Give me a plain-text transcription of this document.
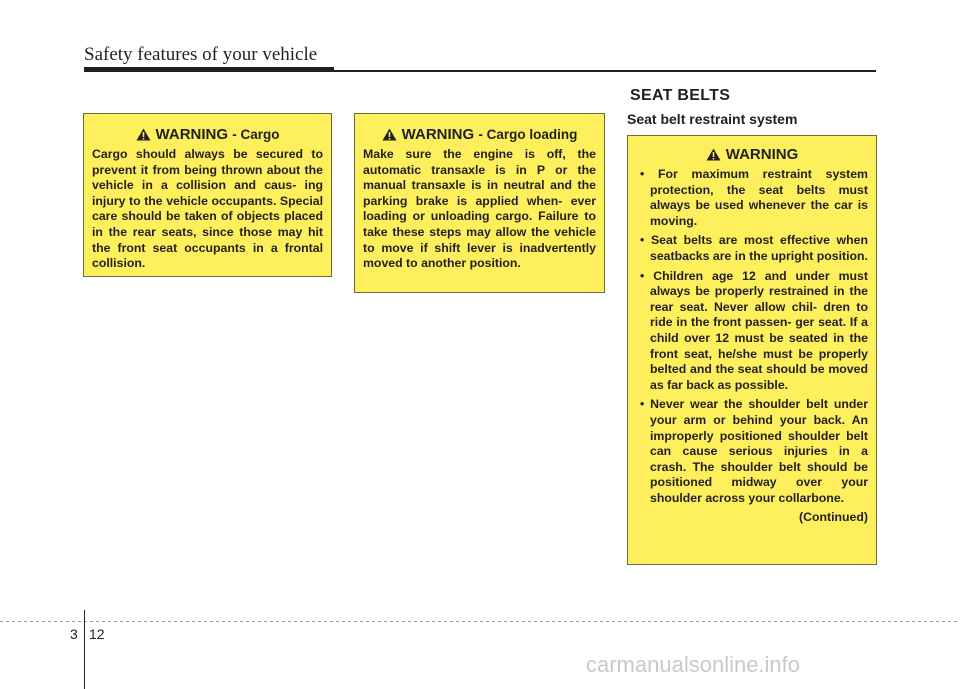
Safety features of your vehicle
SEAT BELTS
Seat belt restraint system
WARNING
- Cargo
Cargo should always be secured to prevent it from being thrown about the vehicle in a collision and caus- ing injury to the vehicle occupants. Special care should be taken of objects placed in the rear seats, since those may hit the front seat occupants in a frontal collision.
WARNING
- Cargo loading
Make sure the engine is off, the automatic transaxle is in P or the manual transaxle is in neutral and the parking brake is applied when- ever loading or unloading cargo. Failure to take these steps may allow the vehicle to move if shift lever is inadvertently moved to another position.
WARNING
• For maximum restraint system protection, the seat belts must always be used whenever the car is moving.
• Seat belts are most effective when seatbacks are in the upright position.
• Children age 12 and under must always be properly restrained in the rear seat. Never allow chil- dren to ride in the front passen- ger seat. If a child over 12 must be seated in the front seat, he/she must be properly belted and the seat should be moved as far back as possible.
• Never wear the shoulder belt under your arm or behind your back. An improperly positioned shoulder belt can cause serious injuries in a crash. The shoulder belt should be positioned midway over your shoulder across your collarbone.
(Continued)
3 12
carmanualsonline.info
